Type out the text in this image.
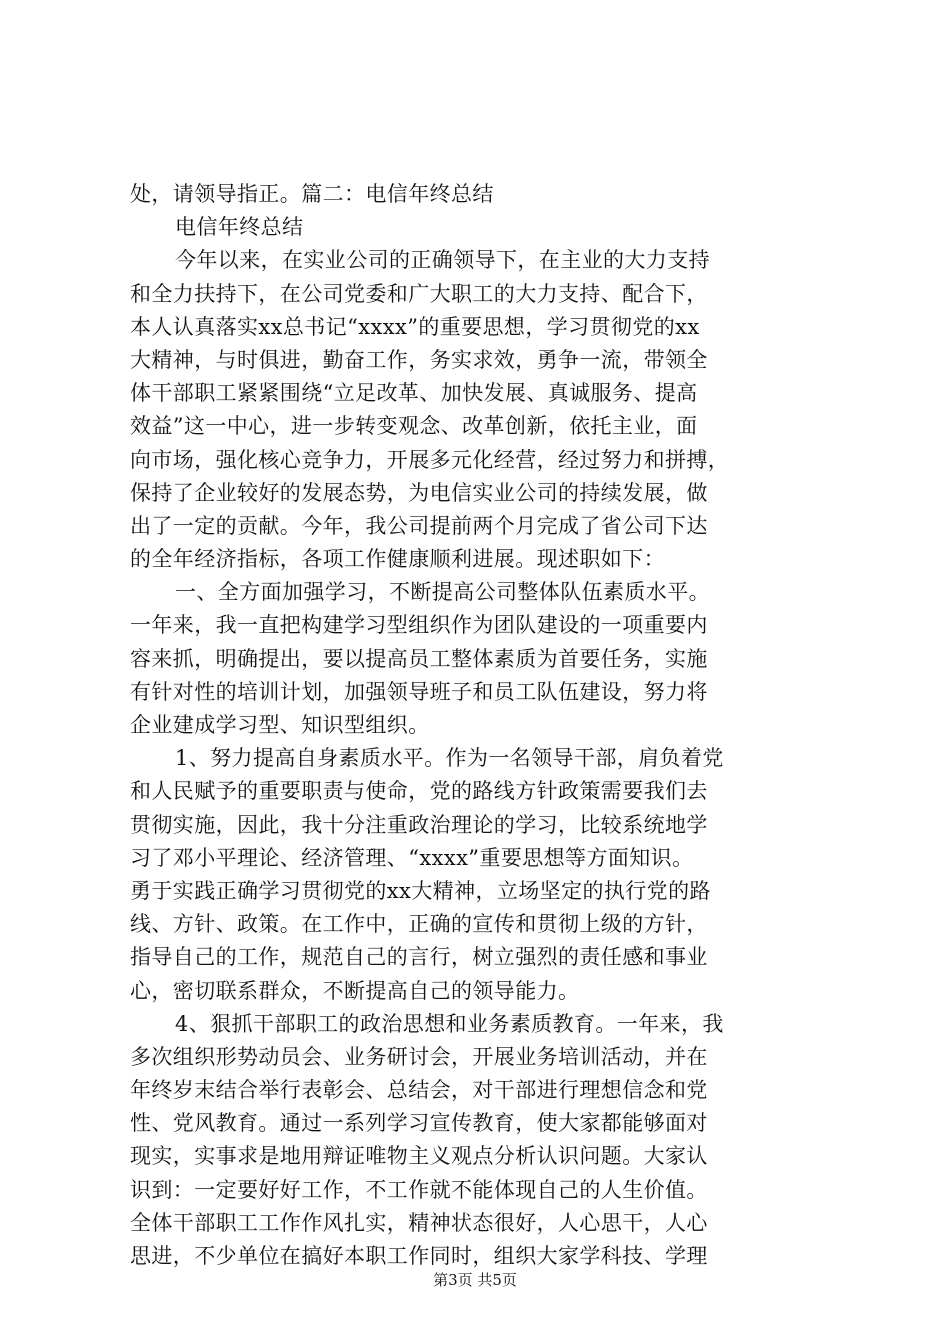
处，请领导指正。篇二：电信年终总结
电信年终总结
今年以来，在实业公司的正确领导下，在主业的大力支持
和全力扶持下，在公司党委和广大职工的大力支持、配合下，
本人认真落实xx总书记“xxxx”的重要思想，学习贯彻党的xx
大精神，与时俱进，勤奋工作，务实求效，勇争一流，带领全
体干部职工紧紧围绕“立足改革、加快发展、真诚服务、提高
效益”这一中心，进一步转变观念、改革创新，依托主业，面
向市场，强化核心竞争力，开展多元化经营，经过努力和拼搏，
保持了企业较好的发展态势，为电信实业公司的持续发展，做
出了一定的贡献。今年，我公司提前两个月完成了省公司下达
的全年经济指标，各项工作健康顺利进展。现述职如下：
一、全方面加强学习，不断提高公司整体队伍素质水平。
一年来，我一直把构建学习型组织作为团队建设的一项重要内
容来抓，明确提出，要以提高员工整体素质为首要任务，实施
有针对性的培训计划，加强领导班子和员工队伍建设，努力将
企业建成学习型、知识型组织。
1、努力提高自身素质水平。作为一名领导干部，肩负着党
和人民赋予的重要职责与使命，党的路线方针政策需要我们去
贯彻实施，因此，我十分注重政治理论的学习，比较系统地学
习了邓小平理论、经济管理、“xxxx”重要思想等方面知识。
勇于实践正确学习贯彻党的xx大精神，立场坚定的执行党的路
线、方针、政策。在工作中，正确的宣传和贯彻上级的方针，
指导自己的工作，规范自己的言行，树立强烈的责任感和事业
心，密切联系群众，不断提高自己的领导能力。
4、狠抓干部职工的政治思想和业务素质教育。一年来，我
多次组织形势动员会、业务研讨会，开展业务培训活动，并在
年终岁末结合举行表彰会、总结会，对干部进行理想信念和党
性、党风教育。通过一系列学习宣传教育，使大家都能够面对
现实，实事求是地用辩证唯物主义观点分析认识问题。大家认
识到：一定要好好工作，不工作就不能体现自己的人生价值。
全体干部职工工作作风扎实，精神状态很好，人心思干，人心
思进，不少单位在搞好本职工作同时，组织大家学科技、学理
第3页 共5页
